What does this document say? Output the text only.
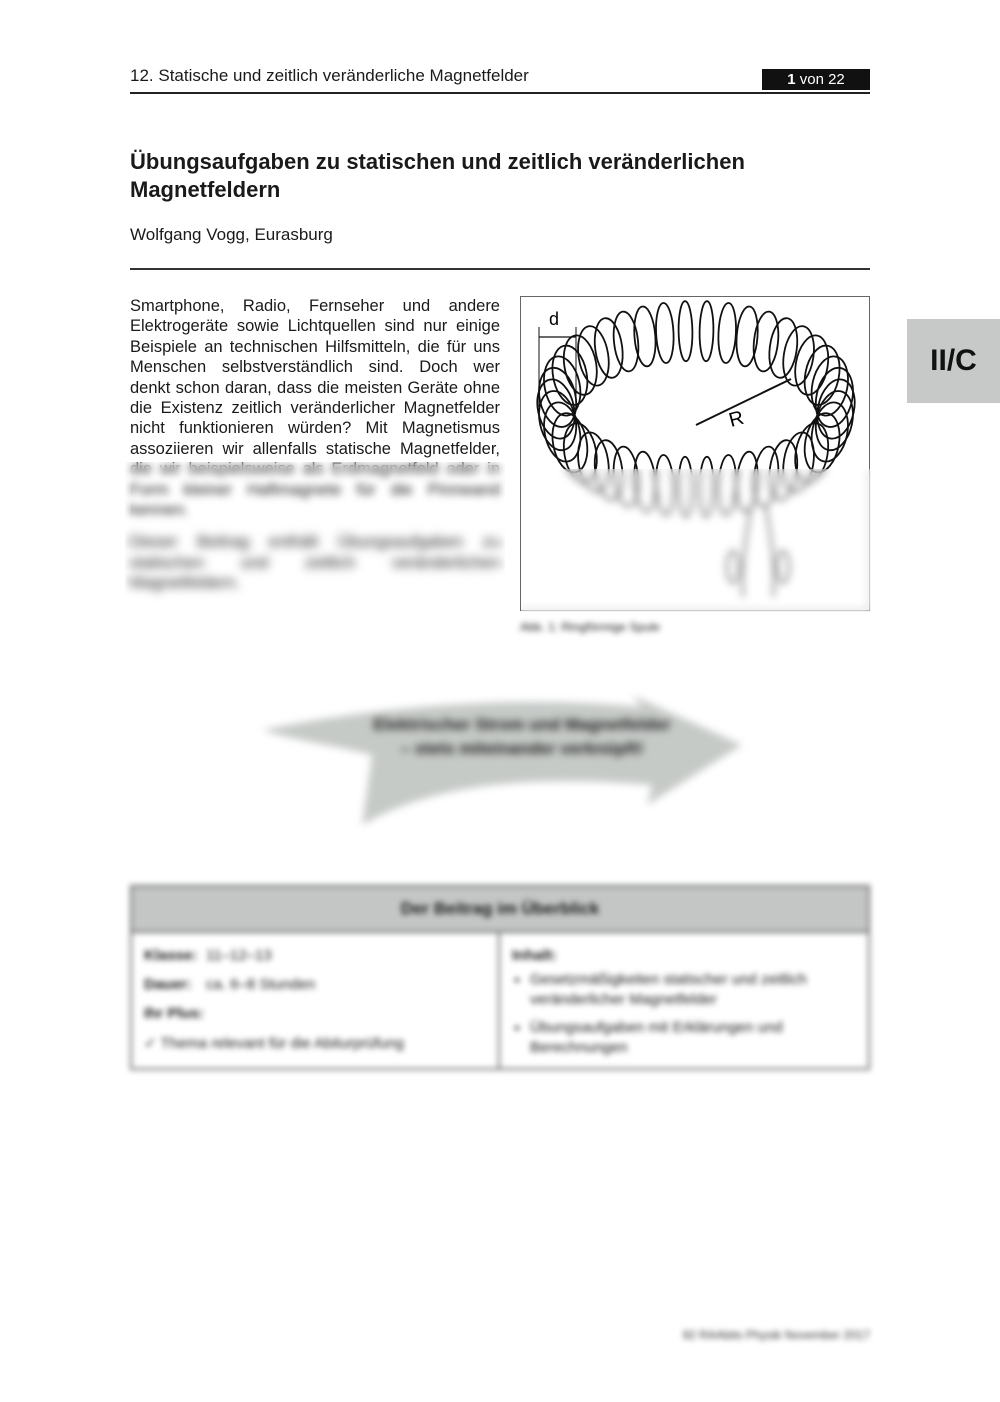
12. Statische und zeitlich veränderliche Magnetfelder	1 von 22
Übungsaufgaben zu statischen und zeitlich veränderlichen Magnetfeldern
Wolfgang Vogg, Eurasburg
II/C

Smartphone, Radio, Fernseher und andere Elektrogeräte sowie Lichtquellen sind nur einige Beispiele an technischen Hilfsmitteln, die für uns Menschen selbstverständlich sind. Doch wer denkt schon daran, dass die meisten Geräte ohne die Existenz zeitlich veränderlicher Magnetfelder nicht funktionieren würden? Mit Magnetismus assoziieren wir allenfalls statische Magnetfelder, die wir beispielsweise als Erdmagnetfeld oder in Form kleiner Haftmagnete für die Pinnwand kennen.

Dieser Beitrag enthält Übungsaufgaben zu statischen und zeitlich veränderlichen Magnetfeldern.

d
R
Abb. 1: Ringförmige Spule
Elektrischer Strom und Magnetfelder – stets miteinander verknüpft!
Der Beitrag im Überblick
Klasse: 11–12–13
Dauer: ca. 6–8 Stunden
Ihr Plus:
✓ Thema relevant für die Abiturprüfung
Inhalt:
• Gesetzmäßigkeiten statischer und zeitlich veränderlicher Magnetfelder
• Übungsaufgaben mit Erklärungen und Berechnungen
92 RAAbits Physik November 2017
